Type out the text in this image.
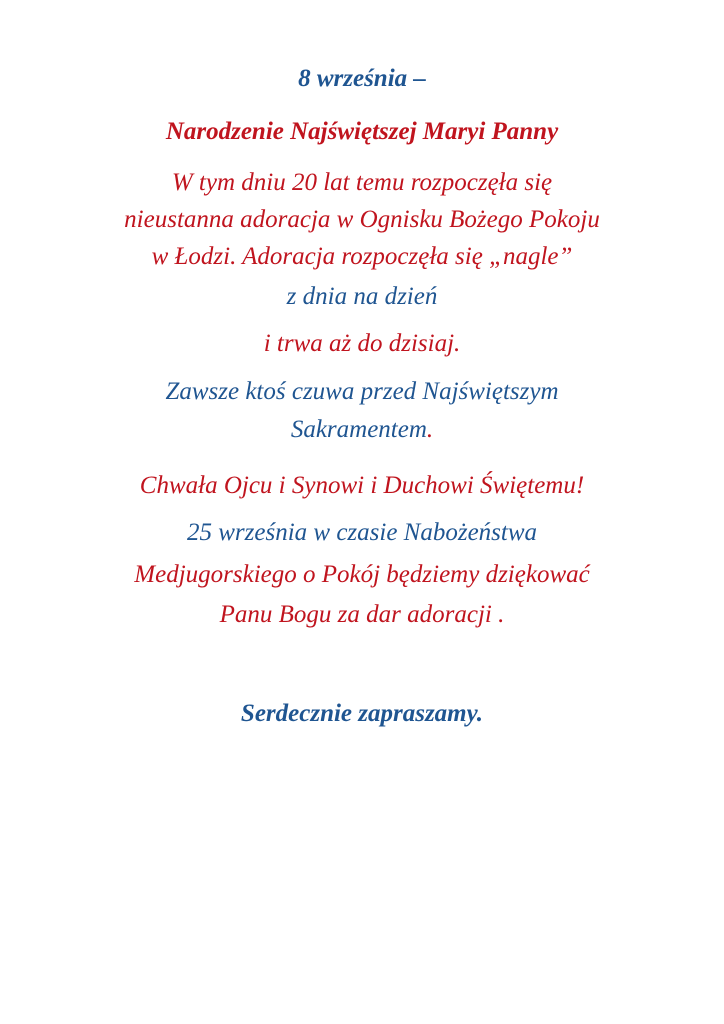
8 września –
Narodzenie Najświętszej Maryi Panny
W tym dniu 20 lat temu rozpoczęła się
nieustanna adoracja w Ognisku Bożego Pokoju
w Łodzi. Adoracja rozpoczęła się „nagle”
z dnia na dzień
i trwa aż do dzisiaj.
Zawsze ktoś czuwa przed Najświętszym
Sakramentem.
Chwała Ojcu i Synowi i Duchowi Świętemu!
25 września w czasie Nabożeństwa
Medjugorskiego o Pokój będziemy dziękować
Panu Bogu za dar adoracji .
Serdecznie zapraszamy.
